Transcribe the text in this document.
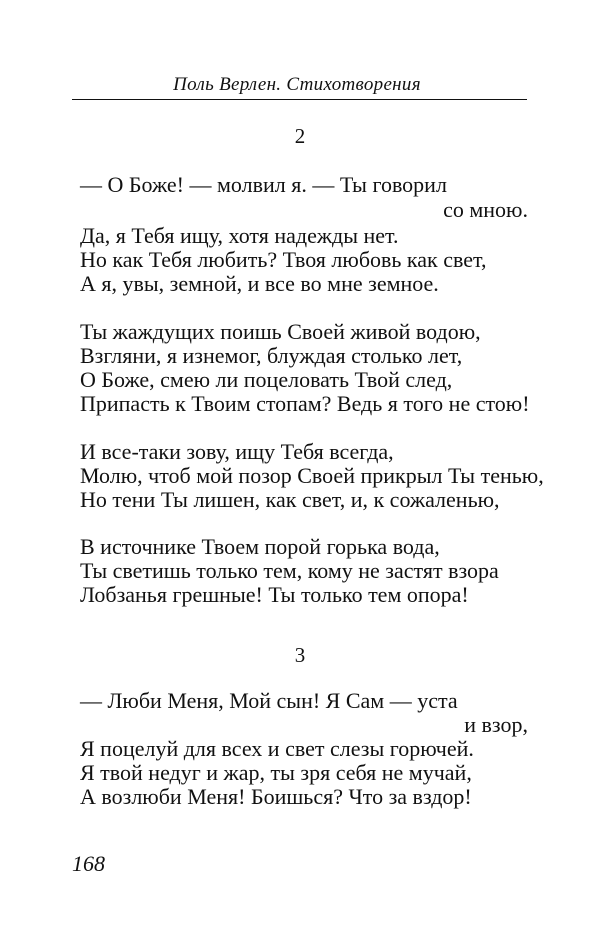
Поль Верлен. Стихотворения
2
— О Боже! — молвил я. — Ты говорил
со мною.
Да, я Тебя ищу, хотя надежды нет.
Но как Тебя любить? Твоя любовь как свет,
А я, увы, земной, и все во мне земное.
Ты жаждущих поишь Своей живой водою,
Взгляни, я изнемог, блуждая столько лет,
О Боже, смею ли поцеловать Твой след,
Припасть к Твоим стопам? Ведь я того не стою!
И все-таки зову, ищу Тебя всегда,
Молю, чтоб мой позор Своей прикрыл Ты тенью,
Но тени Ты лишен, как свет, и, к сожаленью,
В источнике Твоем порой горька вода,
Ты светишь только тем, кому не застят взора
Лобзанья грешные! Ты только тем опора!
3
— Люби Меня, Мой сын! Я Сам — уста
и взор,
Я поцелуй для всех и свет слезы горючей.
Я твой недуг и жар, ты зря себя не мучай,
А возлюби Меня! Боишься? Что за вздор!
168
